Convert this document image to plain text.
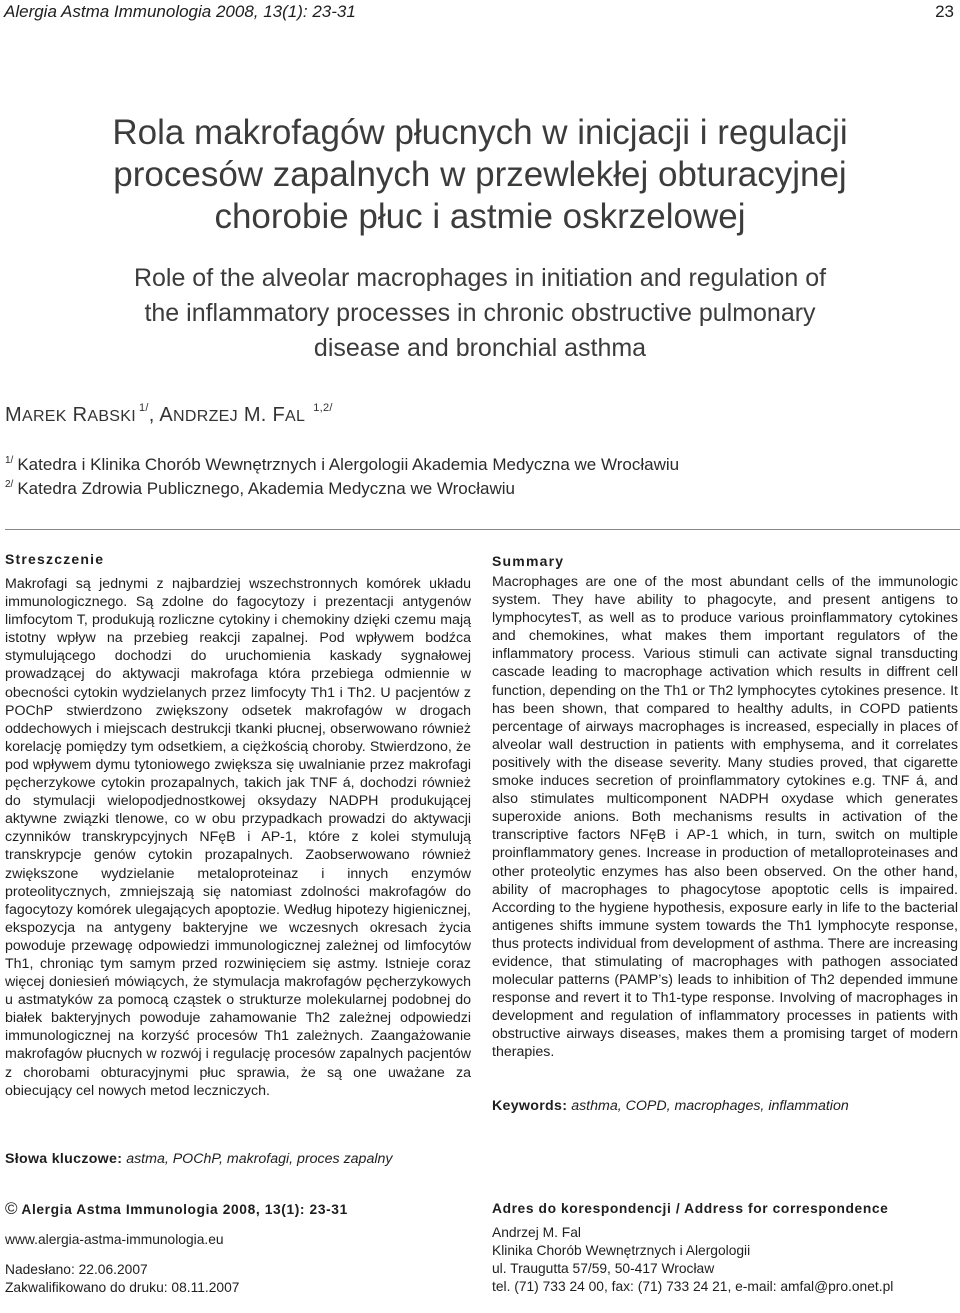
Alergia Astma Immunologia 2008, 13(1): 23-31	23
Rola makrofagów płucnych w inicjacji i regulacji
procesów zapalnych w przewlekłej obturacyjnej
chorobie płuc i astmie oskrzelowej
Role of the alveolar macrophages in initiation and regulation of
the inflammatory processes in chronic obstructive pulmonary
disease and bronchial asthma
MAREK RABSKI $^{1/}$, ANDRZEJ M. FAL $^{1,2/}$
$^{1/}$ Katedra i Klinika Chorób Wewnętrznych i Alergologii Akademia Medyczna we Wrocławiu
$^{2/}$ Katedra Zdrowia Publicznego, Akademia Medyczna we Wrocławiu
Streszczenie
Makrofagi są jednymi z najbardziej wszechstronnych komórek układu immunologicznego. Są zdolne do fagocytozy i prezentacji antygenów limfocytom T, produkują rozliczne cytokiny i chemokiny dzięki czemu mają istotny wpływ na przebieg reakcji zapalnej. Pod wpływem bodźca stymulującego dochodzi do uruchomienia kaskady sygnałowej prowadzącej do aktywacji makrofaga która przebiega odmiennie w obecności cytokin wydzielanych przez limfocyty Th1 i Th2. U pacjentów z POChP stwierdzono zwiększony odsetek makrofagów w drogach oddechowych i miejscach destrukcji tkanki płucnej, obserwowano również korelację pomiędzy tym odsetkiem, a ciężkością choroby. Stwierdzono, że pod wpływem dymu tytoniowego zwiększa się uwalnianie przez makrofagi pęcherzykowe cytokin prozapalnych, takich jak TNF á, dochodzi również do stymulacji wielopodjednostkowej oksydazy NADPH produkującej aktywne związki tlenowe, co w obu przypadkach prowadzi do aktywacji czynników transkrypcyjnych NFęB i AP-1, które z kolei stymulują transkrypcje genów cytokin prozapalnych. Zaobserwowano również zwiększone wydzielanie metaloproteinaz i innych enzymów proteolitycznych, zmniejszają się natomiast zdolności makrofagów do fagocytozy komórek ulegających apoptozie. Według hipotezy higienicznej, ekspozycja na antygeny bakteryjne we wczesnych okresach życia powoduje przewagę odpowiedzi immunologicznej zależnej od limfocytów Th1, chroniąc tym samym przed rozwinięciem się astmy. Istnieje coraz więcej doniesień mówiących, że stymulacja makrofagów pęcherzykowych u astmatyków za pomocą cząstek o strukturze molekularnej podobnej do białek bakteryjnych powoduje zahamowanie Th2 zależnej odpowiedzi immunologicznej na korzyść procesów Th1 zależnych. Zaangażowanie makrofagów płucnych w rozwój i regulację procesów zapalnych pacjentów z chorobami obturacyjnymi płuc sprawia, że są one uważane za obiecujący cel nowych metod leczniczych.
Słowa kluczowe: astma, POChP, makrofagi, proces zapalny
Summary
Macrophages are one of the most abundant cells of the immunologic system. They have ability to phagocyte, and present antigens to lymphocytesT, as well as to produce various proinflammatory cytokines and chemokines, what makes them important regulators of the inflammatory process. Various stimuli can activate signal transducting cascade leading to macrophage activation which results in diffrent cell function, depending on the Th1 or Th2 lymphocytes cytokines presence. It has been shown, that compared to healthy adults, in COPD patients percentage of airways macrophages is increased, especially in places of alveolar wall destruction in patients with emphysema, and it correlates positively with the disease severity. Many studies proved, that cigarette smoke induces secretion of proinflammatory cytokines e.g. TNF á, and also stimulates multicomponent NADPH oxydase which generates superoxide anions. Both mechanisms results in activation of the transcriptive factors NFęB i AP-1 which, in turn, switch on multiple proinflammatory genes. Increase in production of metalloproteinases and other proteolytic enzymes has also been observed. On the other hand, ability of macrophages to phagocytose apoptotic cells is impaired. According to the hygiene hypothesis, exposure early in life to the bacterial antigenes shifts immune system towards the Th1 lymphocyte response, thus protects individual from development of asthma. There are increasing evidence, that stimulating of macrophages with pathogen associated molecular patterns (PAMP’s) leads to inhibition of Th2 depended immune response and revert it to Th1-type response. Involving of macrophages in development and regulation of inflammatory processes in patients with obstructive airways diseases, makes them a promising target of modern therapies.
Keywords: asthma, COPD, macrophages, inflammation
© Alergia Astma Immunologia 2008, 13(1): 23-31
www.alergia-astma-immunologia.eu
Nadesłano: 22.06.2007
Zakwalifikowano do druku: 08.11.2007
Adres do korespondencji / Address for correspondence
Andrzej M. Fal
Klinika Chorób Wewnętrznych i Alergologii
ul. Traugutta 57/59, 50-417 Wrocław
tel. (71) 733 24 00, fax: (71) 733 24 21, e-mail: amfal@pro.onet.pl
